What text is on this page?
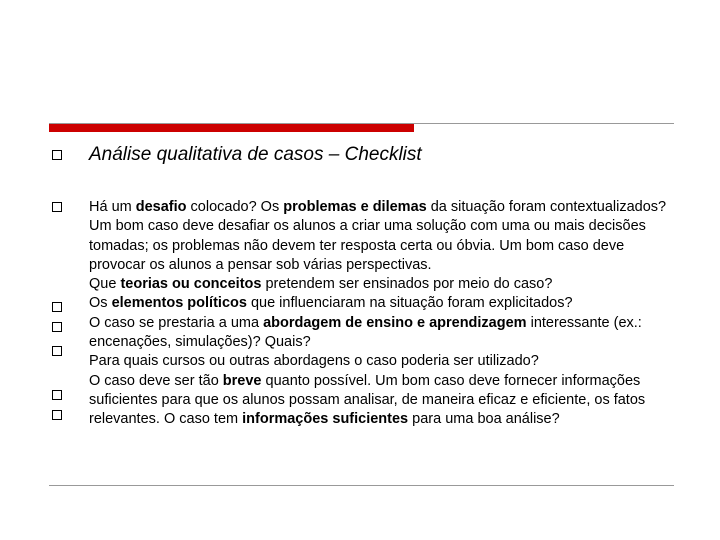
Análise qualitativa de casos – Checklist

Há um desafio colocado? Os problemas e dilemas da situação foram contextualizados? Um bom caso deve desafiar os alunos a criar uma solução com uma ou mais decisões tomadas; os problemas não devem ter resposta certa ou óbvia. Um bom caso deve provocar os alunos a pensar sob várias perspectivas.

Que teorias ou conceitos pretendem ser ensinados por meio do caso?

Os elementos políticos que influenciaram na situação foram explicitados?

O caso se prestaria a uma abordagem de ensino e aprendizagem interessante (ex.: encenações, simulações)? Quais?

Para quais cursos ou outras abordagens o caso poderia ser utilizado?

O caso deve ser tão breve quanto possível. Um bom caso deve fornecer informações suficientes para que os alunos possam analisar, de maneira eficaz e eficiente, os fatos relevantes. O caso tem informações suficientes para uma boa análise?
